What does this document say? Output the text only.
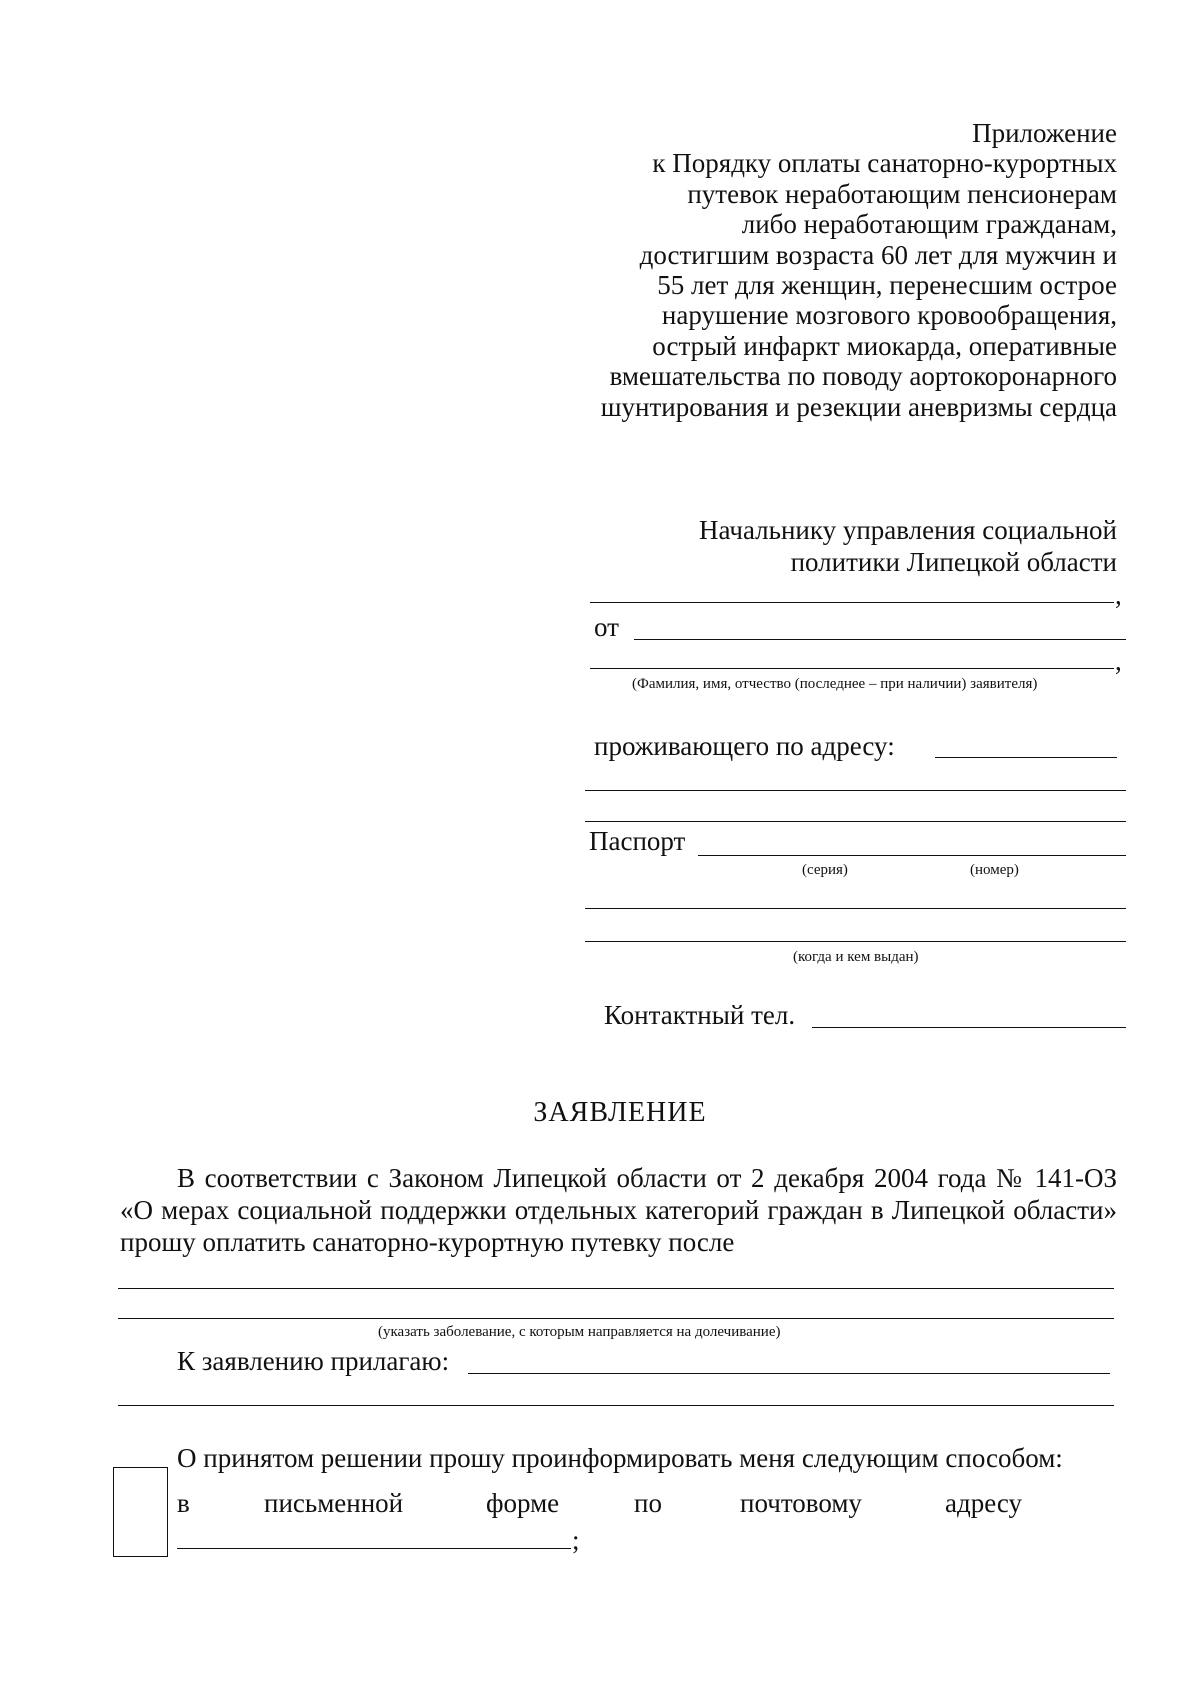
Приложение
к Порядку оплаты санаторно-курортных
путевок неработающим пенсионерам
либо неработающим гражданам,
достигшим возраста 60 лет для мужчин и
55 лет для женщин, перенесшим острое
нарушение мозгового кровообращения,
острый инфаркт миокарда, оперативные
вмешательства по поводу аортокоронарного
шунтирования и резекции аневризмы сердца
Начальнику управления социальной
политики Липецкой области
,
от
,
(Фамилия, имя, отчество (последнее – при наличии) заявителя)
проживающего по адресу:
Паспорт
(серия)	(номер)
(когда и кем выдан)
Контактный тел.
ЗАЯВЛЕНИЕ
В соответствии с Законом Липецкой области от 2 декабря 2004 года № 141-ОЗ «О мерах социальной поддержки отдельных категорий граждан в Липецкой области» прошу оплатить санаторно-курортную путевку после
(указать заболевание, с которым направляется на долечивание)
К заявлению прилагаю:
О принятом решении прошу проинформировать меня следующим способом:
в	письменной	форме	по	почтовому	адресу
;
